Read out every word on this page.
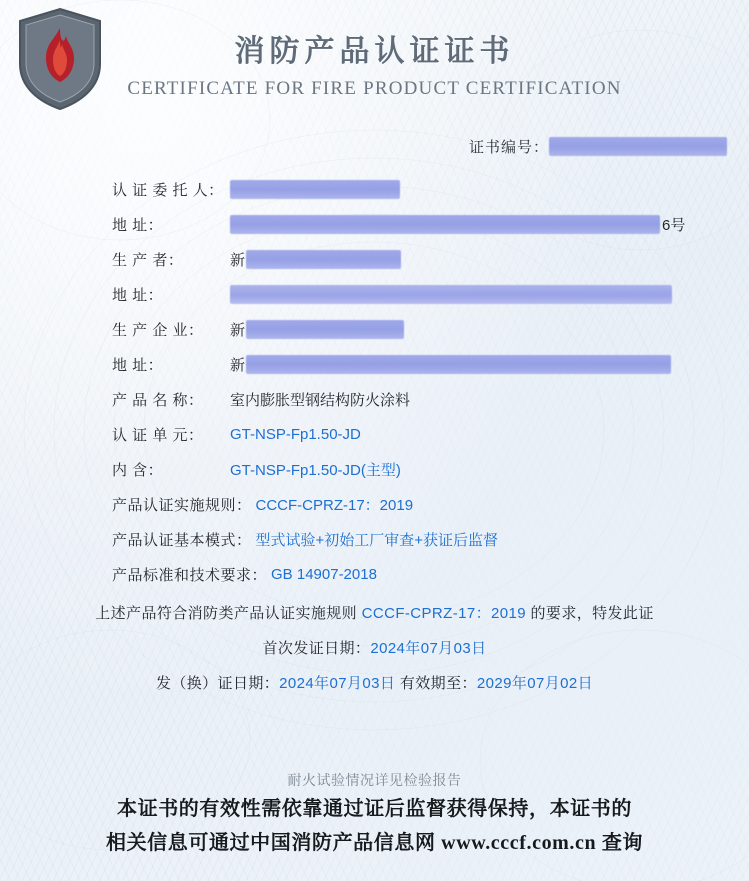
消防产品认证证书
CERTIFICATE FOR FIRE PRODUCT CERTIFICATION
证书编号：
认 证 委 托 人：
地 址：	6号
生 产 者：	新
地 址：
生 产 企 业：	新
地 址：	新
产 品 名 称：	室内膨胀型钢结构防火涂料
认 证 单 元：	GT-NSP-Fp1.50-JD
内 含：	GT-NSP-Fp1.50-JD(主型)
产品认证实施规则： CCCF-CPRZ-17：2019
产品认证基本模式： 型式试验+初始工厂审查+获证后监督
产品标准和技术要求： GB 14907-2018
上述产品符合消防类产品认证实施规则 CCCF-CPRZ-17：2019 的要求，特发此证
首次发证日期：2024年07月03日
发（换）证日期：2024年07月03日 有效期至：2029年07月02日
耐火试验情况详见检验报告
本证书的有效性需依靠通过证后监督获得保持，本证书的
相关信息可通过中国消防产品信息网 www.cccf.com.cn 查询
